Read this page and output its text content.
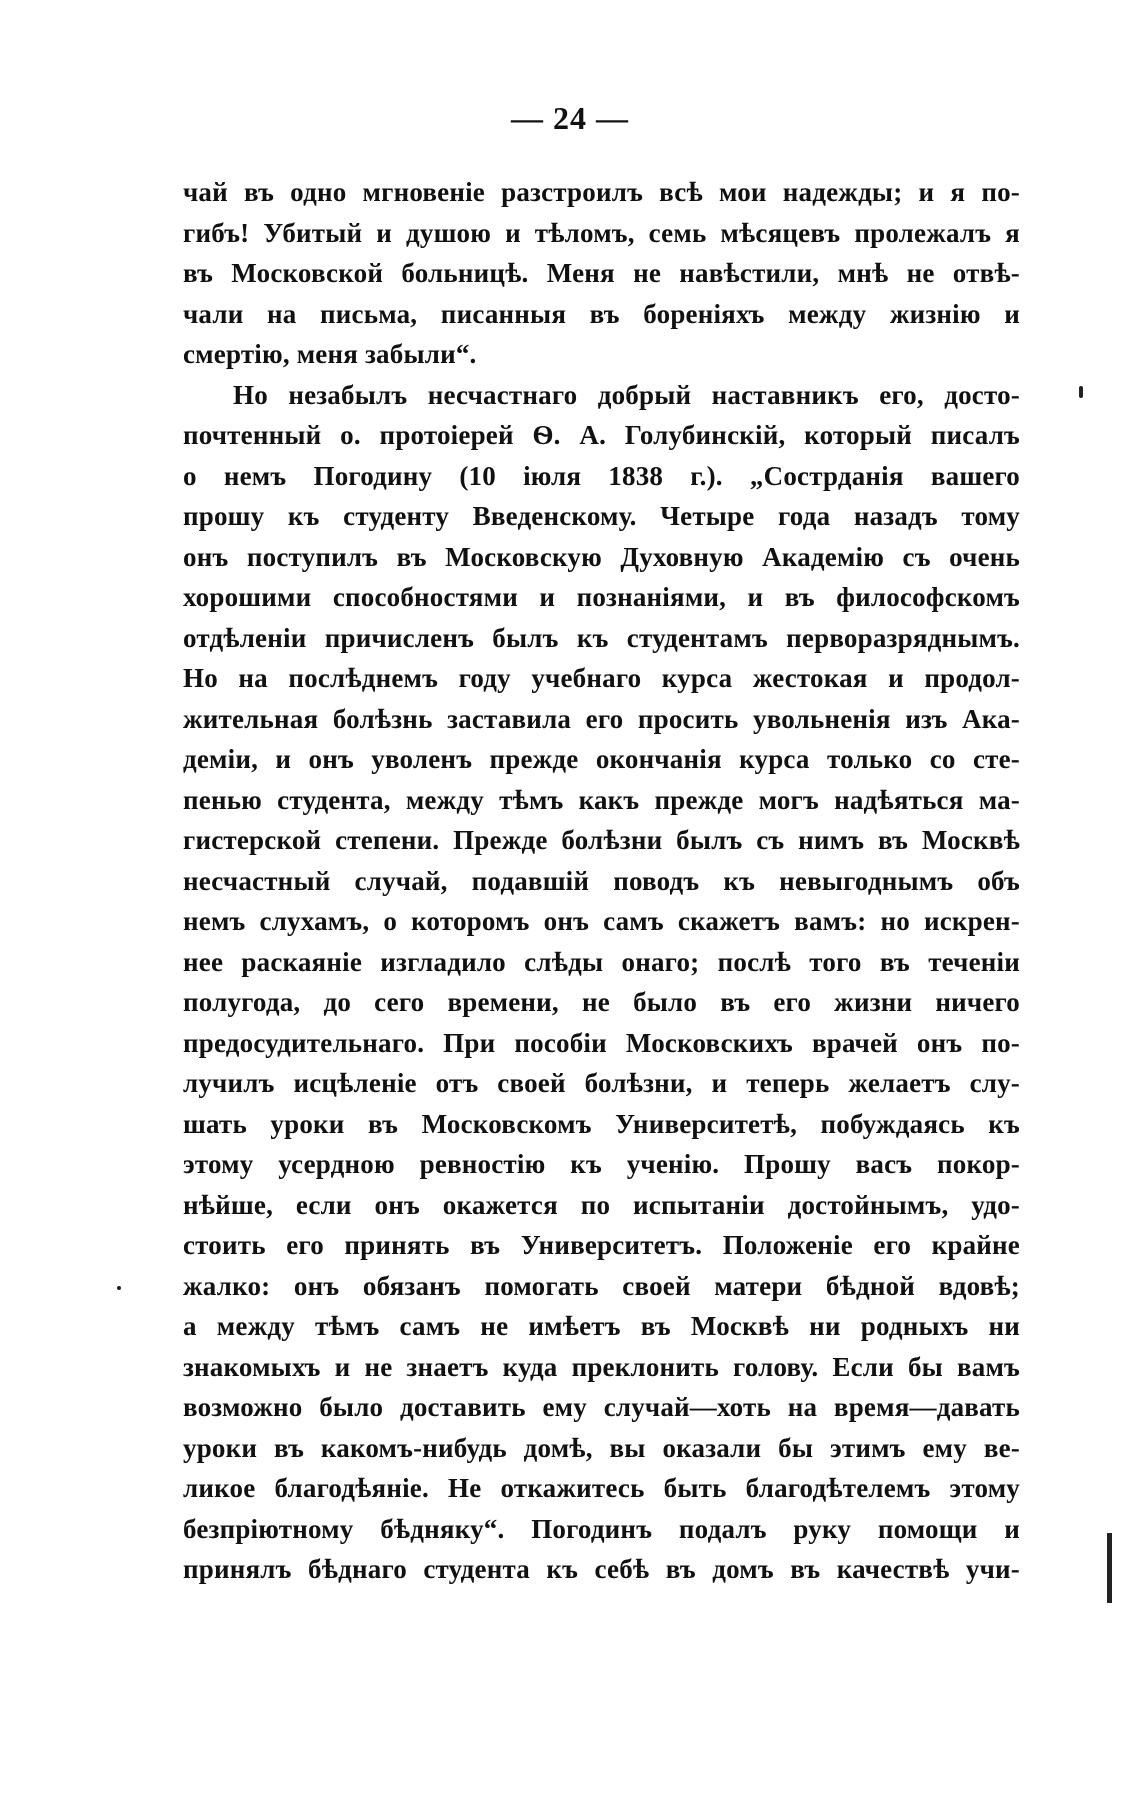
— 24 —
чай въ одно мгновенiе разстроилъ всѣ мои надежды; и я по-
гибъ! Убитый и душою и тѣломъ, семь мѣсяцевъ пролежалъ я
въ Московской больницѣ. Меня не навѣстили, мнѣ не отвѣ-
чали на письма, писанныя въ боренiяхъ между жизнiю и
смертiю, меня забыли“.
Но незабылъ несчастнаго добрый наставникъ его, досто-
почтенный о. протоiерей Ѳ. А. Голубинскiй, который писалъ
о немъ Погодину (10 iюля 1838 г.). „Сострданiя вашего
прошу къ студенту Введенскому. Четыре года назадъ тому
онъ поступилъ въ Московскую Духовную Академiю съ очень
хорошими способностями и познанiями, и въ философскомъ
отдѣленiи причисленъ былъ къ студентамъ перворазряднымъ.
Но на послѣднемъ году учебнаго курса жестокая и продол-
жительная болѣзнь заставила его просить увольненiя изъ Ака-
демiи, и онъ уволенъ прежде окончанiя курса только со сте-
пенью студента, между тѣмъ какъ прежде могъ надѣяться ма-
гистерской степени. Прежде болѣзни былъ съ нимъ въ Москвѣ
несчастный случай, подавшiй поводъ къ невыгоднымъ объ
немъ слухамъ, о которомъ онъ самъ скажетъ вамъ: но искрен-
нее раскаянiе изгладило слѣды онаго; послѣ того въ теченiи
полугода, до сего времени, не было въ его жизни ничего
предосудительнаго. При пособiи Московскихъ врачей онъ по-
лучилъ исцѣленiе отъ своей болѣзни, и теперь желаетъ слу-
шать уроки въ Московскомъ Университетѣ, побуждаясь къ
этому усердною ревностiю къ ученiю. Прошу васъ покор-
нѣйше, если онъ окажется по испытанiи достойнымъ, удо-
стоить его принять въ Университетъ. Положенiе его крайне
жалко: онъ обязанъ помогать своей матери бѣдной вдовѣ;
а между тѣмъ самъ не имѣетъ въ Москвѣ ни родныхъ ни
знакомыхъ и не знаетъ куда преклонить голову. Если бы вамъ
возможно было доставить ему случай—хоть на время—давать
уроки въ какомъ-нибудь домѣ, вы оказали бы этимъ ему ве-
ликое благодѣянiе. Не откажитесь быть благодѣтелемъ этому
безпрiютному бѣдняку“. Погодинъ подалъ руку помощи и
принялъ бѣднаго студента къ себѣ въ домъ въ качествѣ учи-
